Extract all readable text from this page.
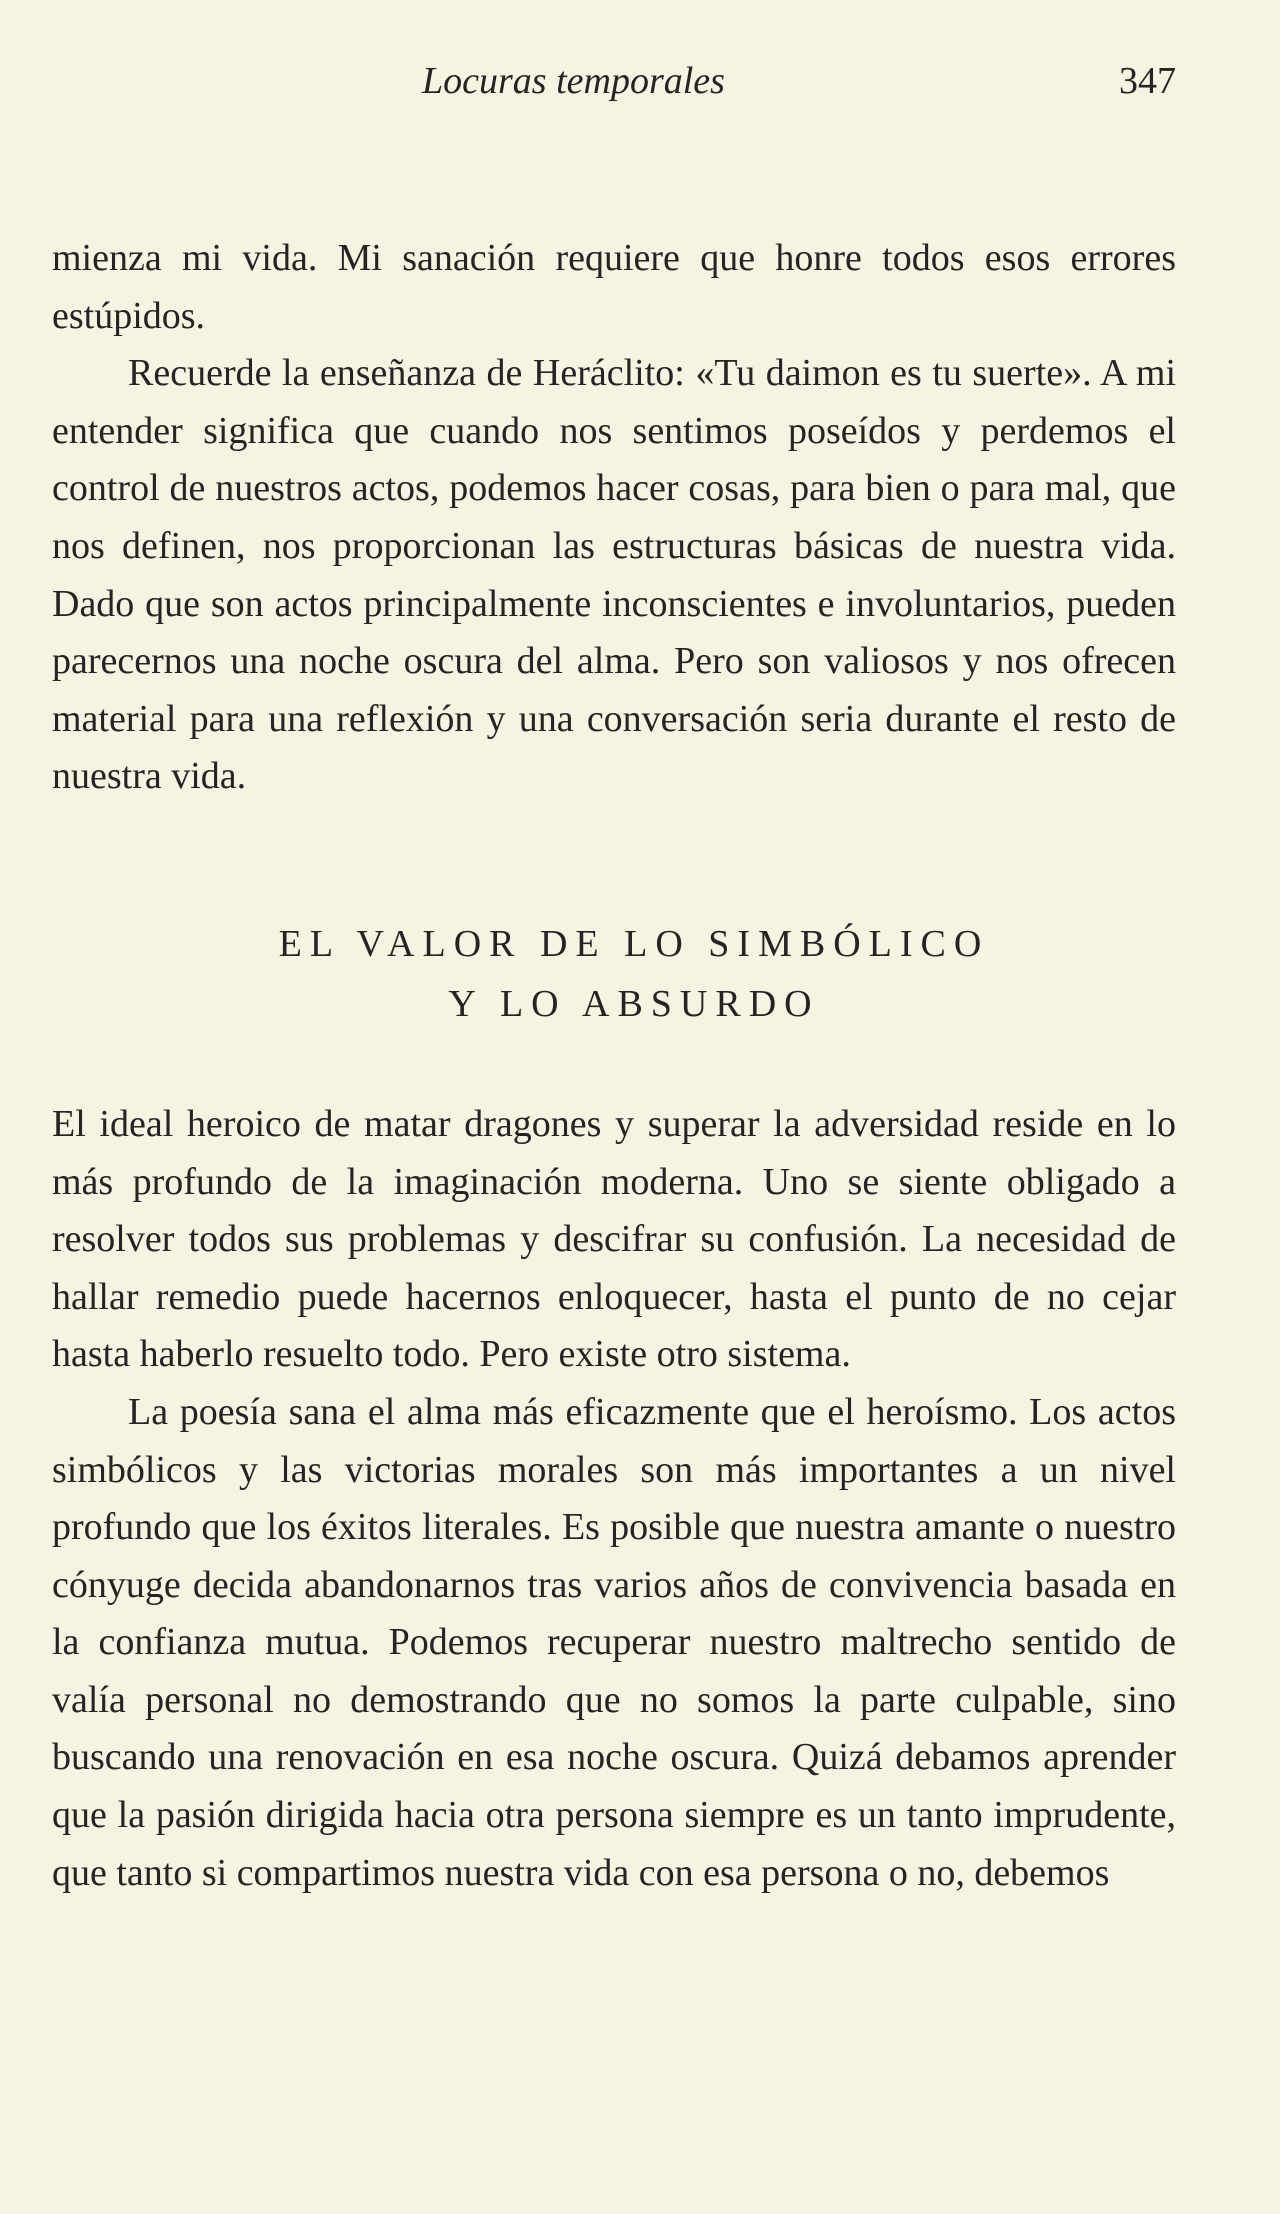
Locuras temporales	347

mienza mi vida. Mi sanación requiere que honre todos esos errores estúpidos.

Recuerde la enseñanza de Heráclito: «Tu daimon es tu suerte». A mi entender significa que cuando nos sentimos poseídos y perdemos el control de nuestros actos, podemos hacer cosas, para bien o para mal, que nos definen, nos proporcionan las estructuras básicas de nuestra vida. Dado que son actos principalmente inconscientes e involuntarios, pueden parecernos una noche oscura del alma. Pero son valiosos y nos ofrecen material para una reflexión y una conversación seria durante el resto de nuestra vida.

EL VALOR DE LO SIMBÓLICO
Y LO ABSURDO

El ideal heroico de matar dragones y superar la adversidad reside en lo más profundo de la imaginación moderna. Uno se siente obligado a resolver todos sus problemas y descifrar su confusión. La necesidad de hallar remedio puede hacernos enloquecer, hasta el punto de no cejar hasta haberlo resuelto todo. Pero existe otro sistema.

La poesía sana el alma más eficazmente que el heroísmo. Los actos simbólicos y las victorias morales son más importantes a un nivel profundo que los éxitos literales. Es posible que nuestra amante o nuestro cónyuge decida abandonarnos tras varios años de convivencia basada en la confianza mutua. Podemos recuperar nuestro maltrecho sentido de valía personal no demostrando que no somos la parte culpable, sino buscando una renovación en esa noche oscura. Quizá debamos aprender que la pasión dirigida hacia otra persona siempre es un tanto imprudente, que tanto si compartimos nuestra vida con esa persona o no, debemos
